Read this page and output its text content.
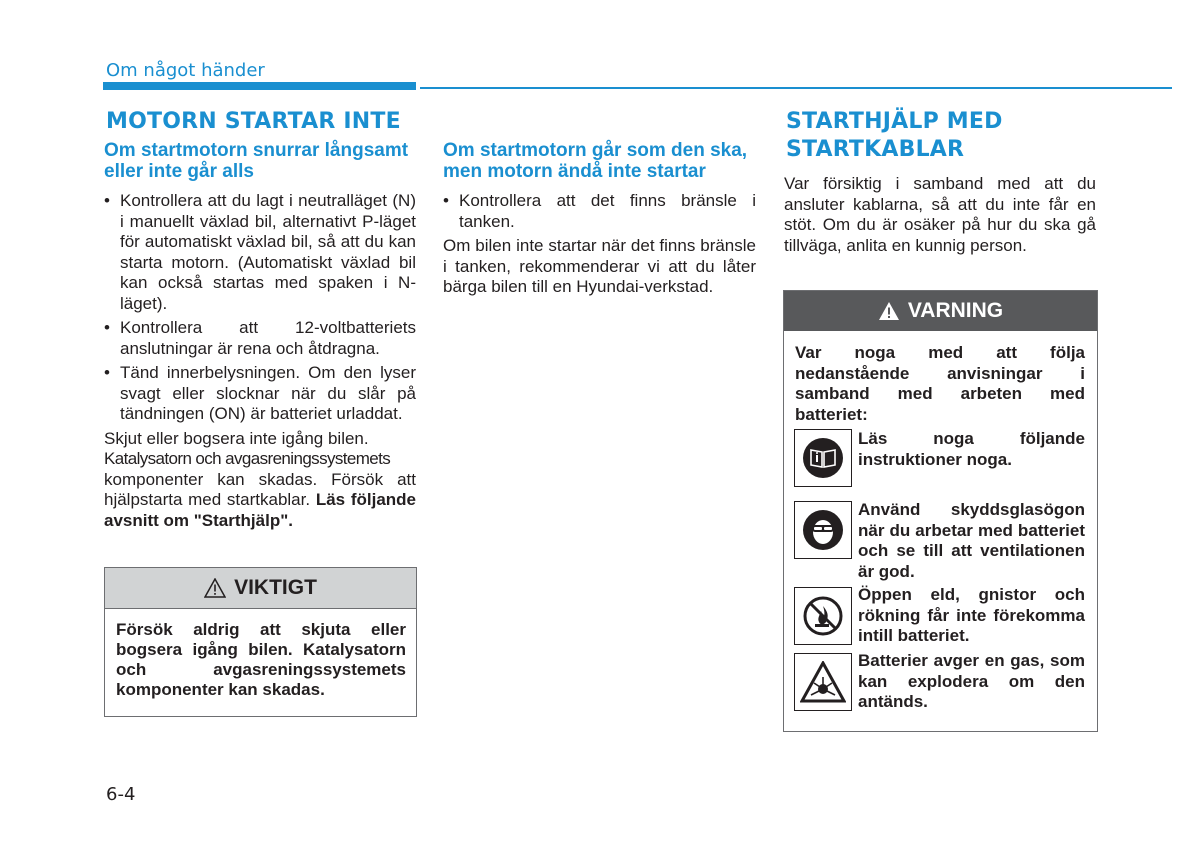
Om något händer
MOTORN STARTAR INTE
Om startmotorn snurrar långsamt eller inte går alls
• Kontrollera att du lagt i neutralläget (N) i manuellt växlad bil, alternativt P-läget för automatiskt växlad bil, så att du kan starta motorn. (Automatiskt växlad bil kan också startas med spaken i N-läget).
• Kontrollera att 12-voltbatteriets anslutningar är rena och åtdragna.
• Tänd innerbelysningen. Om den lyser svagt eller slocknar när du slår på tändningen (ON) är batteriet urladdat.
Skjut eller bogsera inte igång bilen.
Katalysatorn och avgasreningssystemets
komponenter kan skadas. Försök att hjälpstarta med startkablar. Läs följande avsnitt om "Starthjälp".
VIKTIGT
Försök aldrig att skjuta eller bogsera igång bilen. Katalysatorn och avgasreningssystemets komponenter kan skadas.
Om startmotorn går som den ska, men motorn ändå inte startar
• Kontrollera att det finns bränsle i tanken.
Om bilen inte startar när det finns bränsle i tanken, rekommenderar vi att du låter bärga bilen till en Hyundai-verkstad.
STARTHJÄLP MED
STARTKABLAR
Var försiktig i samband med att du ansluter kablarna, så att du inte får en stöt. Om du är osäker på hur du ska gå tillväga, anlita en kunnig person.
VARNING
Var noga med att följa nedanstående anvisningar i samband med arbeten med batteriet:
Läs noga följande instruktioner noga.
Använd skyddsglasögon när du arbetar med batteriet och se till att ventilationen är god.
Öppen eld, gnistor och rökning får inte förekomma intill batteriet.
Batterier avger en gas, som kan explodera om den antänds.
6-4
